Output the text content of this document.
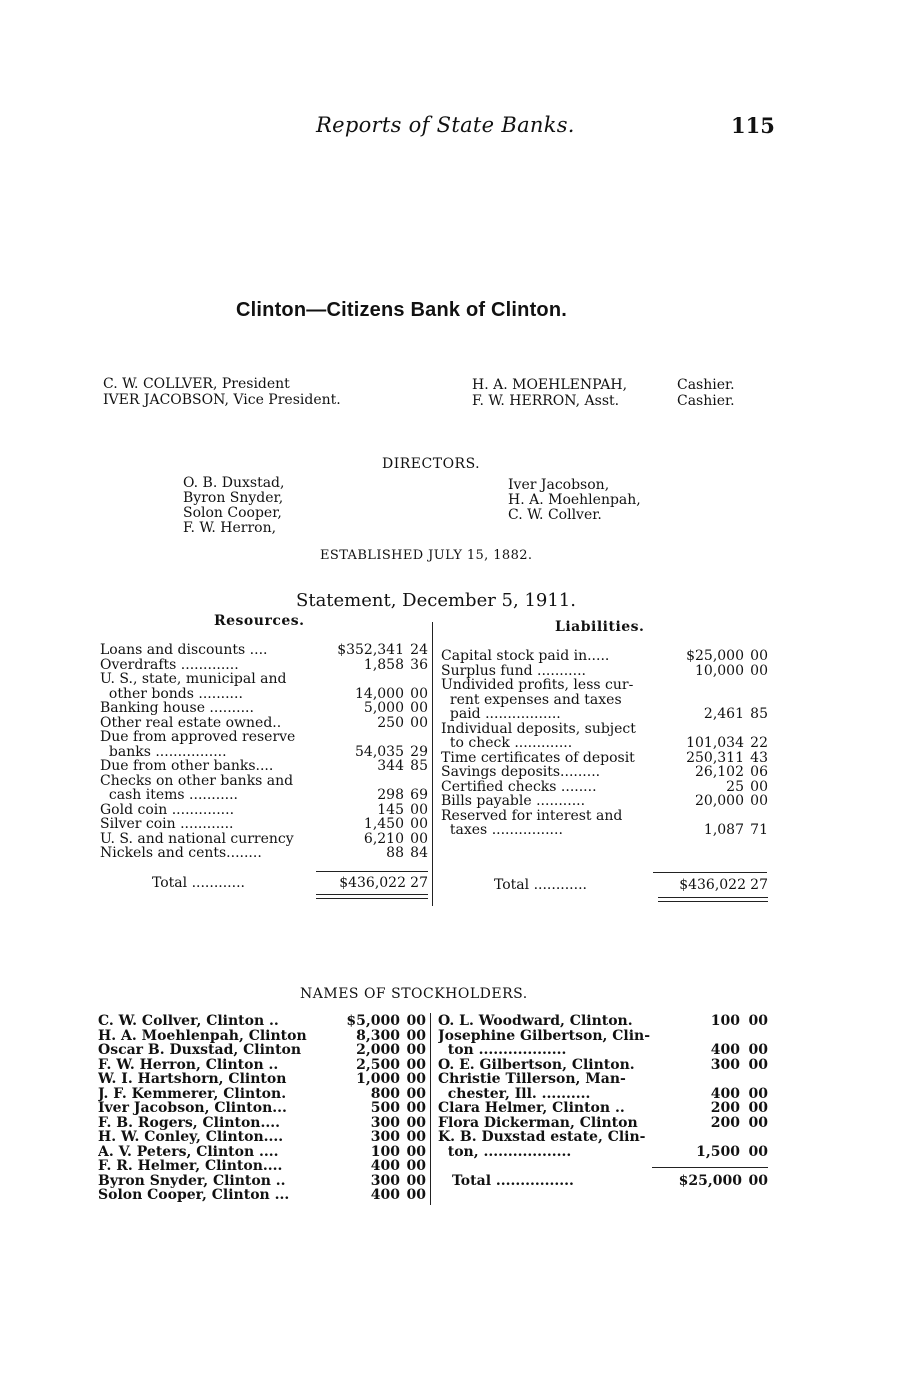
Reports of State Banks.	115
Clinton—Citizens Bank of Clinton.
C. W. COLLVER,
President
IVER JACOBSON,
Vice President.
H. A. MOEHLENPAH,	Cashier.
F. W. HERRON, Asst.	Cashier.
DIRECTORS.
O. B. Duxstad,
Byron Snyder,
Solon Cooper,
F. W. Herron,
Iver Jacobson,
H. A. Moehlenpah,
C. W. Collver.
ESTABLISHED JULY 15, 1882.
Statement, December 5, 1911.
Resources.	Liabilities.
Loans and discounts ....	$352,341 24
Overdrafts .............	1,858 36
U. S., state, municipal and
other bonds ..........	14,000 00
Banking house ..........	5,000 00
Other real estate owned..	250 00
Due from approved reserve
banks ................	54,035 29
Due from other banks....	344 85
Checks on other banks and
cash items ...........	298 69
Gold coin ..............	145 00
Silver coin ............	1,450 00
U. S. and national currency	6,210 00
Nickels and cents........	88 84
Capital stock paid in.....	$25,000 00
Surplus fund ...........	10,000 00
Undivided profits, less cur-
rent expenses and taxes
paid .................	2,461 85
Individual deposits, subject
to check .............	101,034 22
Time certificates of deposit	250,311 43
Savings deposits.........	26,102 06
Certified checks ........	25 00
Bills payable ...........	20,000 00
Reserved for interest and
taxes ................	1,087 71
Total ............	$436,022 27	Total ............	$436,022 27
NAMES OF STOCKHOLDERS.
C. W. Collver, Clinton ..	$5,000 00
H. A. Moehlenpah, Clinton	8,300 00
Oscar B. Duxstad, Clinton	2,000 00
F. W. Herron, Clinton ..	2,500 00
W. I. Hartshorn, Clinton	1,000 00
J. F. Kemmerer, Clinton.	800 00
Iver Jacobson, Clinton...	500 00
F. B. Rogers, Clinton....	300 00
H. W. Conley, Clinton....	300 00
A. V. Peters, Clinton ....	100 00
F. R. Helmer, Clinton....	400 00
Byron Snyder, Clinton ..	300 00
Solon Cooper, Clinton ...	400 00
O. L. Woodward, Clinton.	100 00
Josephine Gilbertson, Clin-
ton ..................	400 00
O. E. Gilbertson, Clinton.	300 00
Christie Tillerson, Man-
chester, Ill. ..........	400 00
Clara Helmer, Clinton ..	200 00
Flora Dickerman, Clinton	200 00
K. B. Duxstad estate, Clin-
ton, ..................	1,500 00
Total ................	$25,000 00
